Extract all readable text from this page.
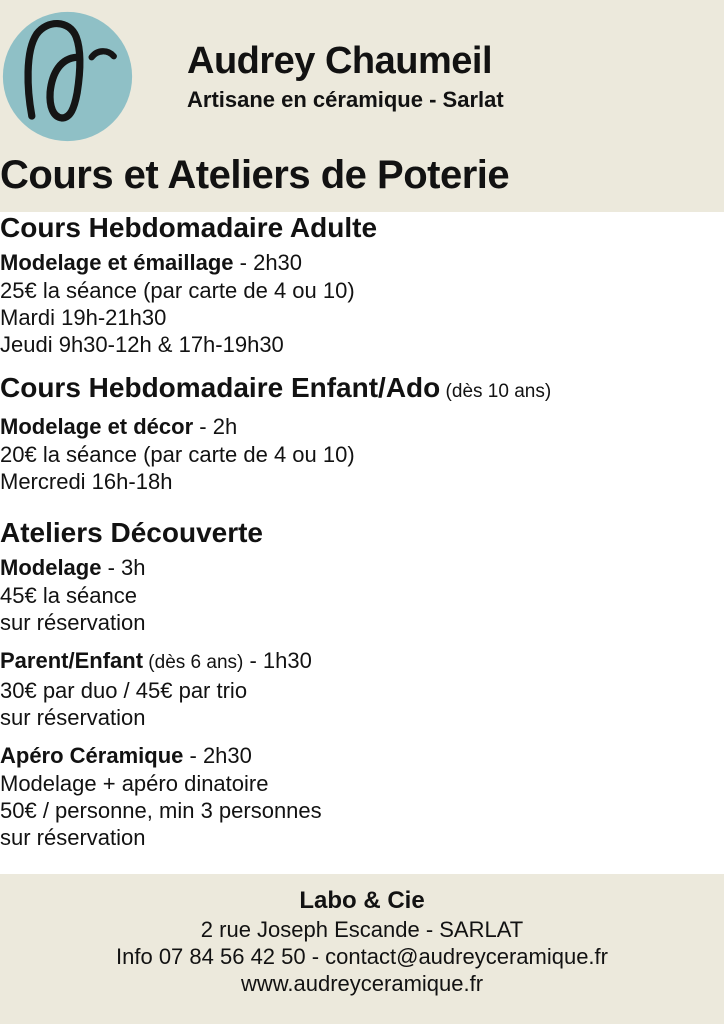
Audrey Chaumeil
Artisane en céramique - Sarlat
Cours et Ateliers de Poterie
Cours Hebdomadaire Adulte

Modelage et émaillage - 2h30

25€ la séance (par carte de 4 ou 10)

Mardi 19h-21h30

Jeudi 9h30-12h & 17h-19h30

Cours Hebdomadaire Enfant/Ado (dès 10 ans)

Modelage et décor - 2h

20€ la séance (par carte de 4 ou 10)

Mercredi 16h-18h

Ateliers Découverte

Modelage - 3h

45€ la séance

sur réservation

Parent/Enfant (dès 6 ans) - 1h30

30€ par duo / 45€ par trio

sur réservation

Apéro Céramique - 2h30

Modelage + apéro dinatoire

50€ / personne, min 3 personnes

sur réservation

Labo & Cie
2 rue Joseph Escande - SARLAT
Info 07 84 56 42 50 - contact@audreyceramique.fr
www.audreyceramique.fr
